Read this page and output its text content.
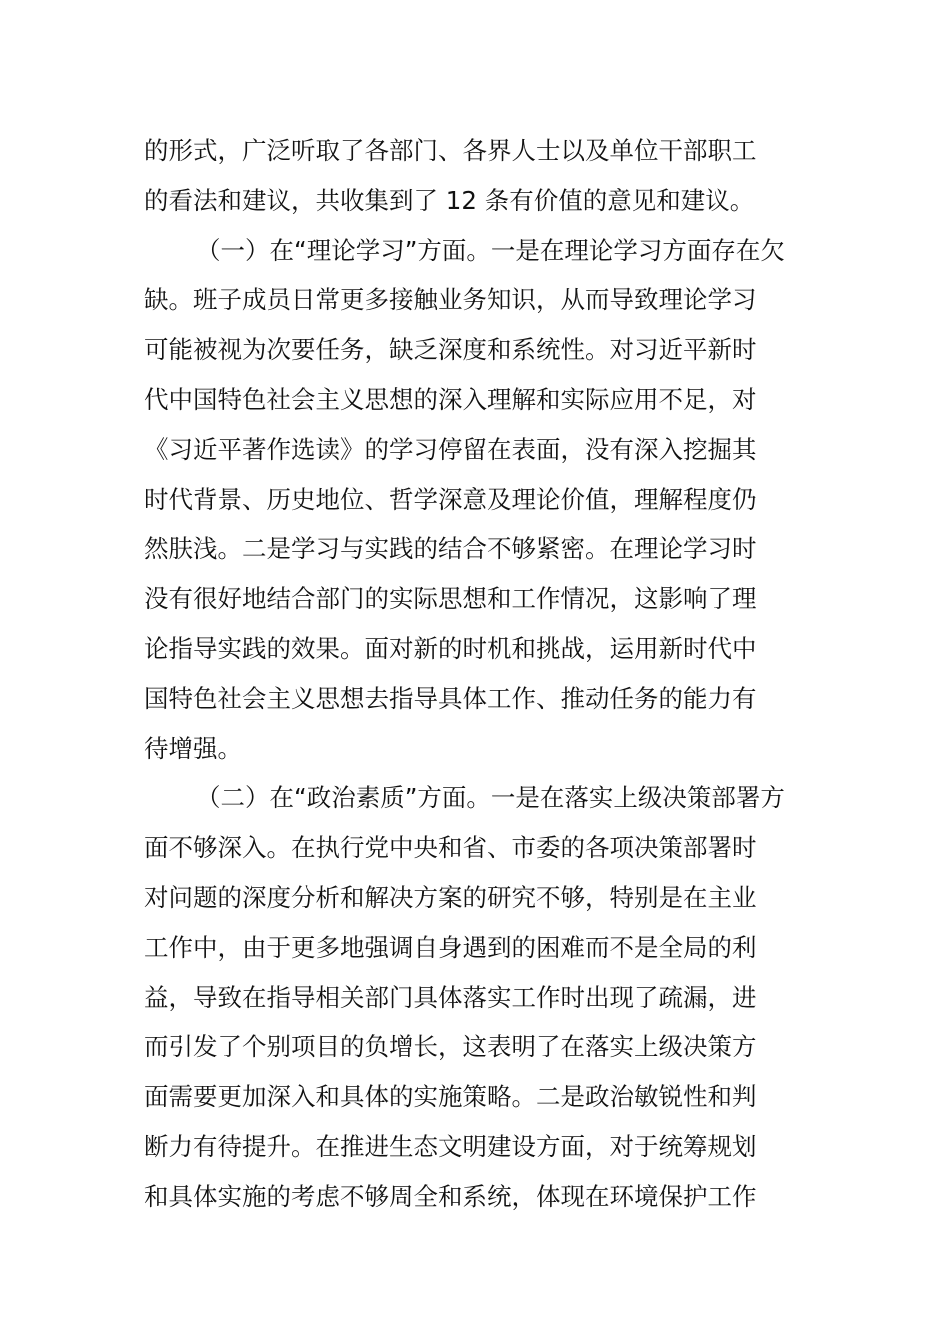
的形式，广泛听取了各部门、各界人士以及单位干部职工
的看法和建议，共收集到了 12 条有价值的意见和建议。
（一）在“理论学习”方面。一是在理论学习方面存在欠
缺。班子成员日常更多接触业务知识，从而导致理论学习
可能被视为次要任务，缺乏深度和系统性。对习近平新时
代中国特色社会主义思想的深入理解和实际应用不足，对
《习近平著作选读》的学习停留在表面，没有深入挖掘其
时代背景、历史地位、哲学深意及理论价值，理解程度仍
然肤浅。二是学习与实践的结合不够紧密。在理论学习时
没有很好地结合部门的实际思想和工作情况，这影响了理
论指导实践的效果。面对新的时机和挑战，运用新时代中
国特色社会主义思想去指导具体工作、推动任务的能力有
待增强。
（二）在“政治素质”方面。一是在落实上级决策部署方
面不够深入。在执行党中央和省、市委的各项决策部署时
对问题的深度分析和解决方案的研究不够，特别是在主业
工作中，由于更多地强调自身遇到的困难而不是全局的利
益，导致在指导相关部门具体落实工作时出现了疏漏，进
而引发了个别项目的负增长，这表明了在落实上级决策方
面需要更加深入和具体的实施策略。二是政治敏锐性和判
断力有待提升。在推进生态文明建设方面，对于统筹规划
和具体实施的考虑不够周全和系统，体现在环境保护工作
